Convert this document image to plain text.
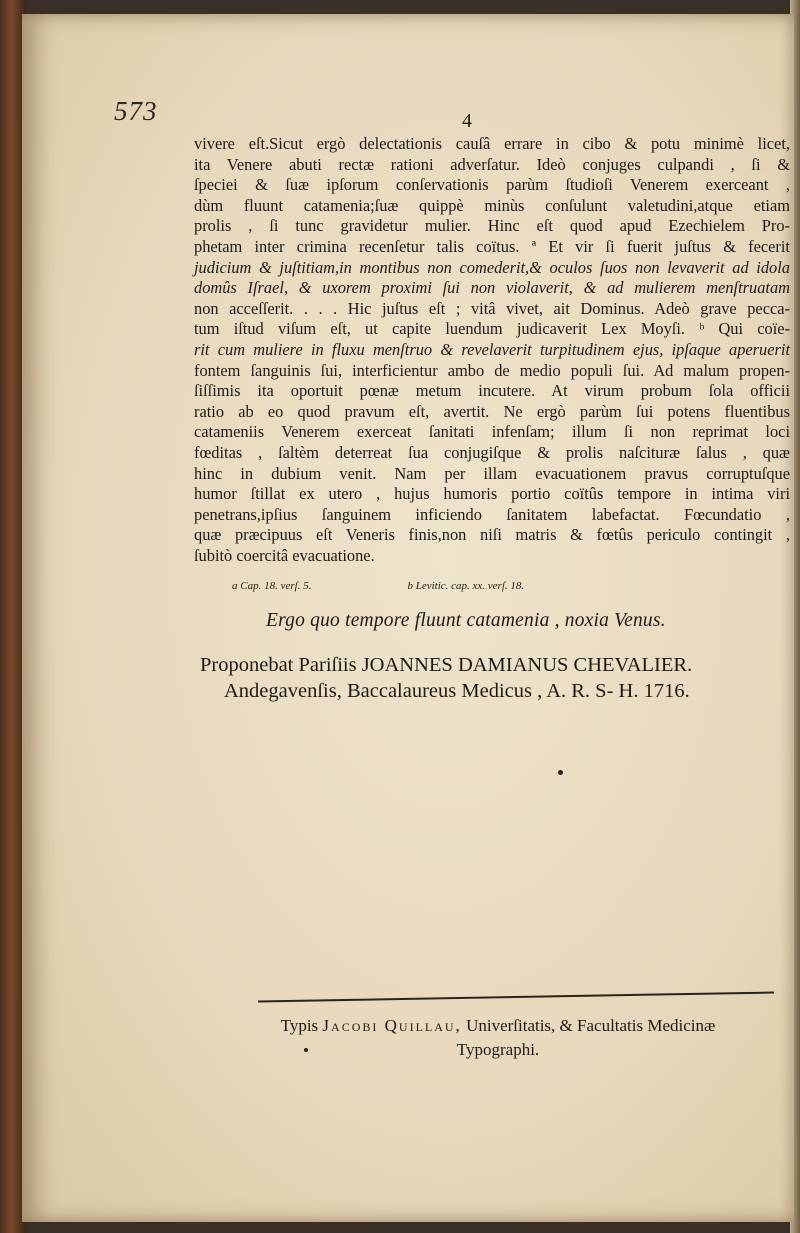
573	4
vivere eſt.Sicut ergò delectationis cauſâ errare in cibo & potu minimè licet,
ita Venere abuti rectæ rationi adverſatur. Ideò conjuges culpandi , ſi &
ſpeciei & ſuæ ipſorum conſervationis parùm ſtudioſi Venerem exerceant ,
dùm fluunt catamenia;ſuæ quippè minùs conſulunt valetudini,atque etiam
prolis , ſi tunc gravidetur mulier. Hinc eſt quod apud Ezechielem Pro-
phetam inter crimina recenſetur talis coïtus. ª Et vir ſi fuerit juſtus & fecerit
judicium & juſtitiam,in montibus non comederit,& oculos ſuos non levaverit ad idola
domûs Iſrael, & uxorem proximi ſui non violaverit, & ad mulierem menſtruatam
non acceſſerit. . . . Hic juſtus eſt ; vitâ vivet, ait Dominus. Adeò grave pecca-
tum iſtud viſum eſt, ut capite luendum judicaverit Lex Moyſi. ᵇ Qui coïe-
rit cum muliere in fluxu menſtruo & revelaverit turpitudinem ejus, ipſaque aperuerit
fontem ſanguinis ſui, interficientur ambo de medio populi ſui. Ad malum propen-
ſiſſimis ita oportuit pœnæ metum incutere. At virum probum ſola officii
ratio ab eo quod pravum eſt, avertit. Ne ergò parùm ſui potens fluentibus
catameniis Venerem exerceat ſanitati infenſam; illum ſi non reprimat loci
fœditas , ſaltèm deterreat ſua conjugiſque & prolis naſcituræ ſalus , quæ
hinc in dubium venit. Nam per illam evacuationem pravus corruptuſque
humor ſtillat ex utero , hujus humoris portio coïtûs tempore in intima viri
penetrans,ipſius ſanguinem inficiendo ſanitatem labefactat. Fœcundatio ,
quæ præcipuus eſt Veneris finis,non niſi matris & fœtûs periculo contingit ,
ſubitò coercitâ evacuatione.
a Cap. 18. verſ. 5.	b Levitic. cap. xx. verſ. 18.
Ergo quo tempore fluunt catamenia , noxia Venus.
Proponebat Pariſiis JOANNES DAMIANUS CHEVALIER.
Andegavenſis, Baccalaureus Medicus , A. R. S- H. 1716.
Typis Jacobi Quillau, Univerſitatis, & Facultatis Medicinæ
Typographi.
